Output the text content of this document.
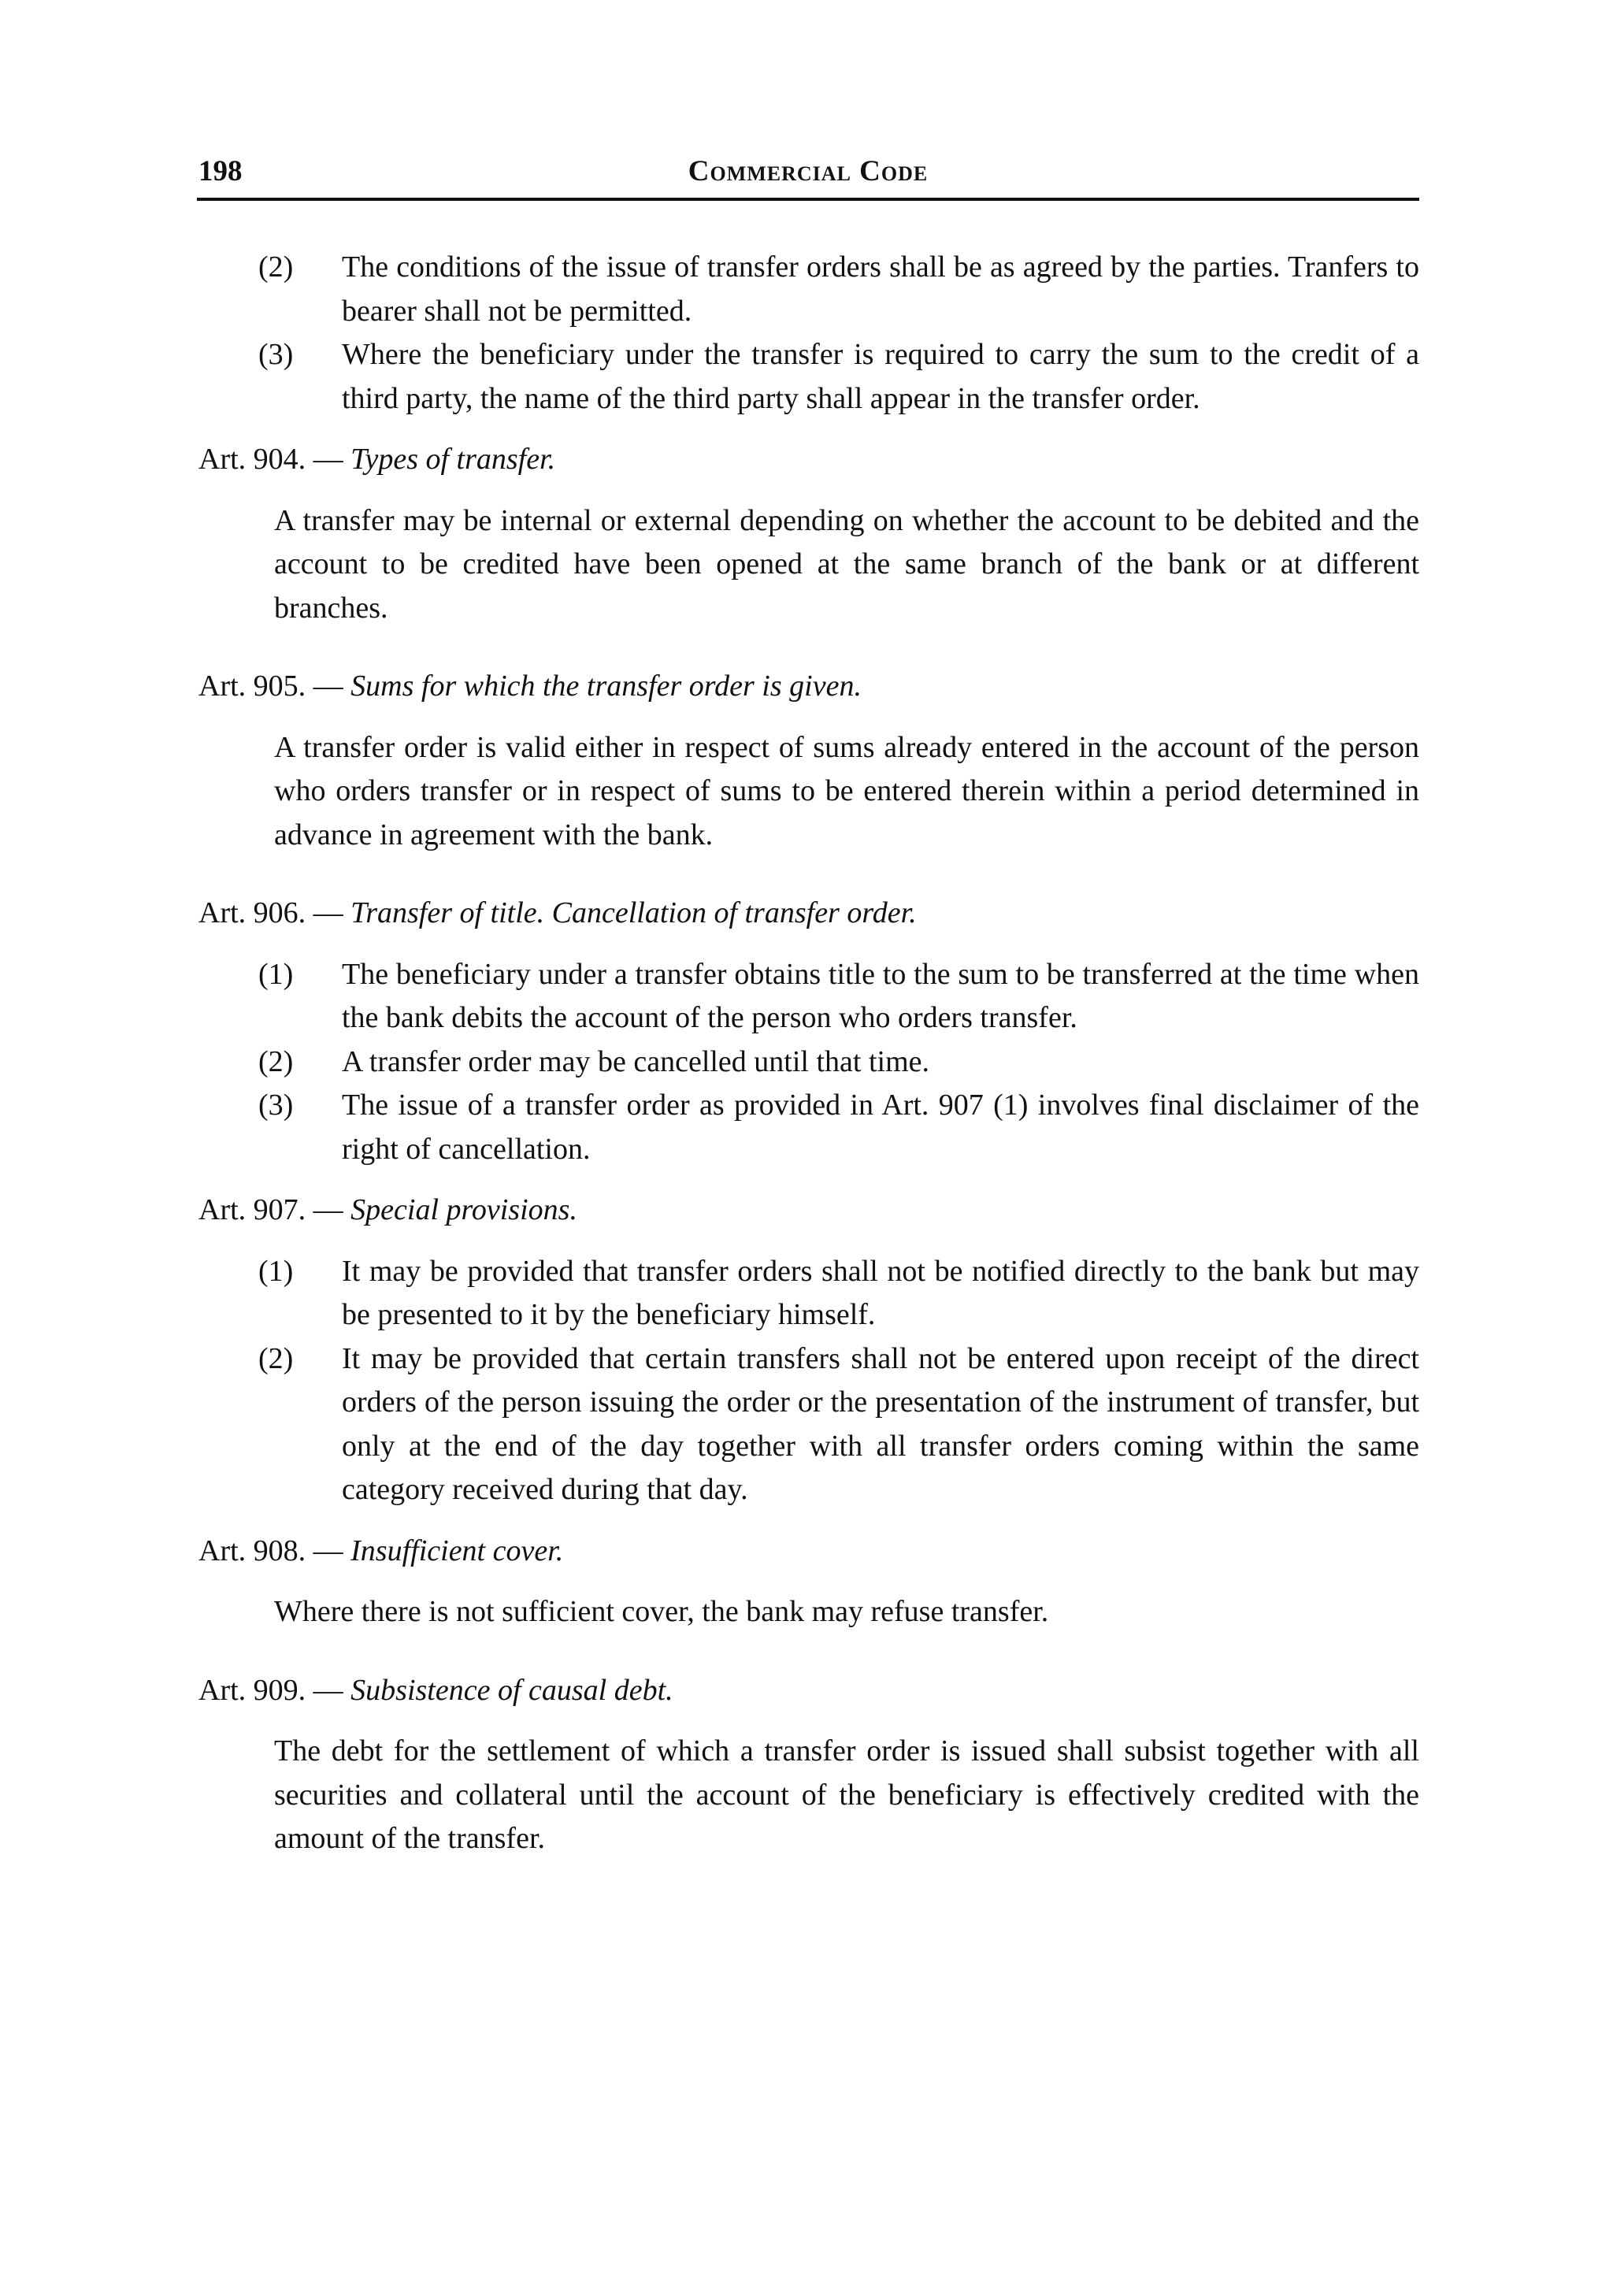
198	Commercial Code

(2) The conditions of the issue of transfer orders shall be as agreed by the parties. Tranfers to bearer shall not be permitted.

(3) Where the beneficiary under the transfer is required to carry the sum to the credit of a third party, the name of the third party shall appear in the transfer order.

Art. 904. — Types of transfer.

A transfer may be internal or external depending on whether the account to be debited and the account to be credited have been opened at the same branch of the bank or at different branches.

Art. 905. — Sums for which the transfer order is given.

A transfer order is valid either in respect of sums already entered in the account of the person who orders transfer or in respect of sums to be entered therein within a period determined in advance in agreement with the bank.

Art. 906. — Transfer of title. Cancellation of transfer order.

(1) The beneficiary under a transfer obtains title to the sum to be transferred at the time when the bank debits the account of the person who orders transfer.

(2) A transfer order may be cancelled until that time.

(3) The issue of a transfer order as provided in Art. 907 (1) involves final disclaimer of the right of cancellation.

Art. 907. — Special provisions.

(1) It may be provided that transfer orders shall not be notified directly to the bank but may be presented to it by the beneficiary himself.

(2) It may be provided that certain transfers shall not be entered upon receipt of the direct orders of the person issuing the order or the presentation of the instrument of transfer, but only at the end of the day together with all transfer orders coming within the same category received during that day.

Art. 908. — Insufficient cover.

Where there is not sufficient cover, the bank may refuse transfer.

Art. 909. — Subsistence of causal debt.

The debt for the settlement of which a transfer order is issued shall subsist together with all securities and collateral until the account of the beneficiary is effectively credited with the amount of the transfer.
